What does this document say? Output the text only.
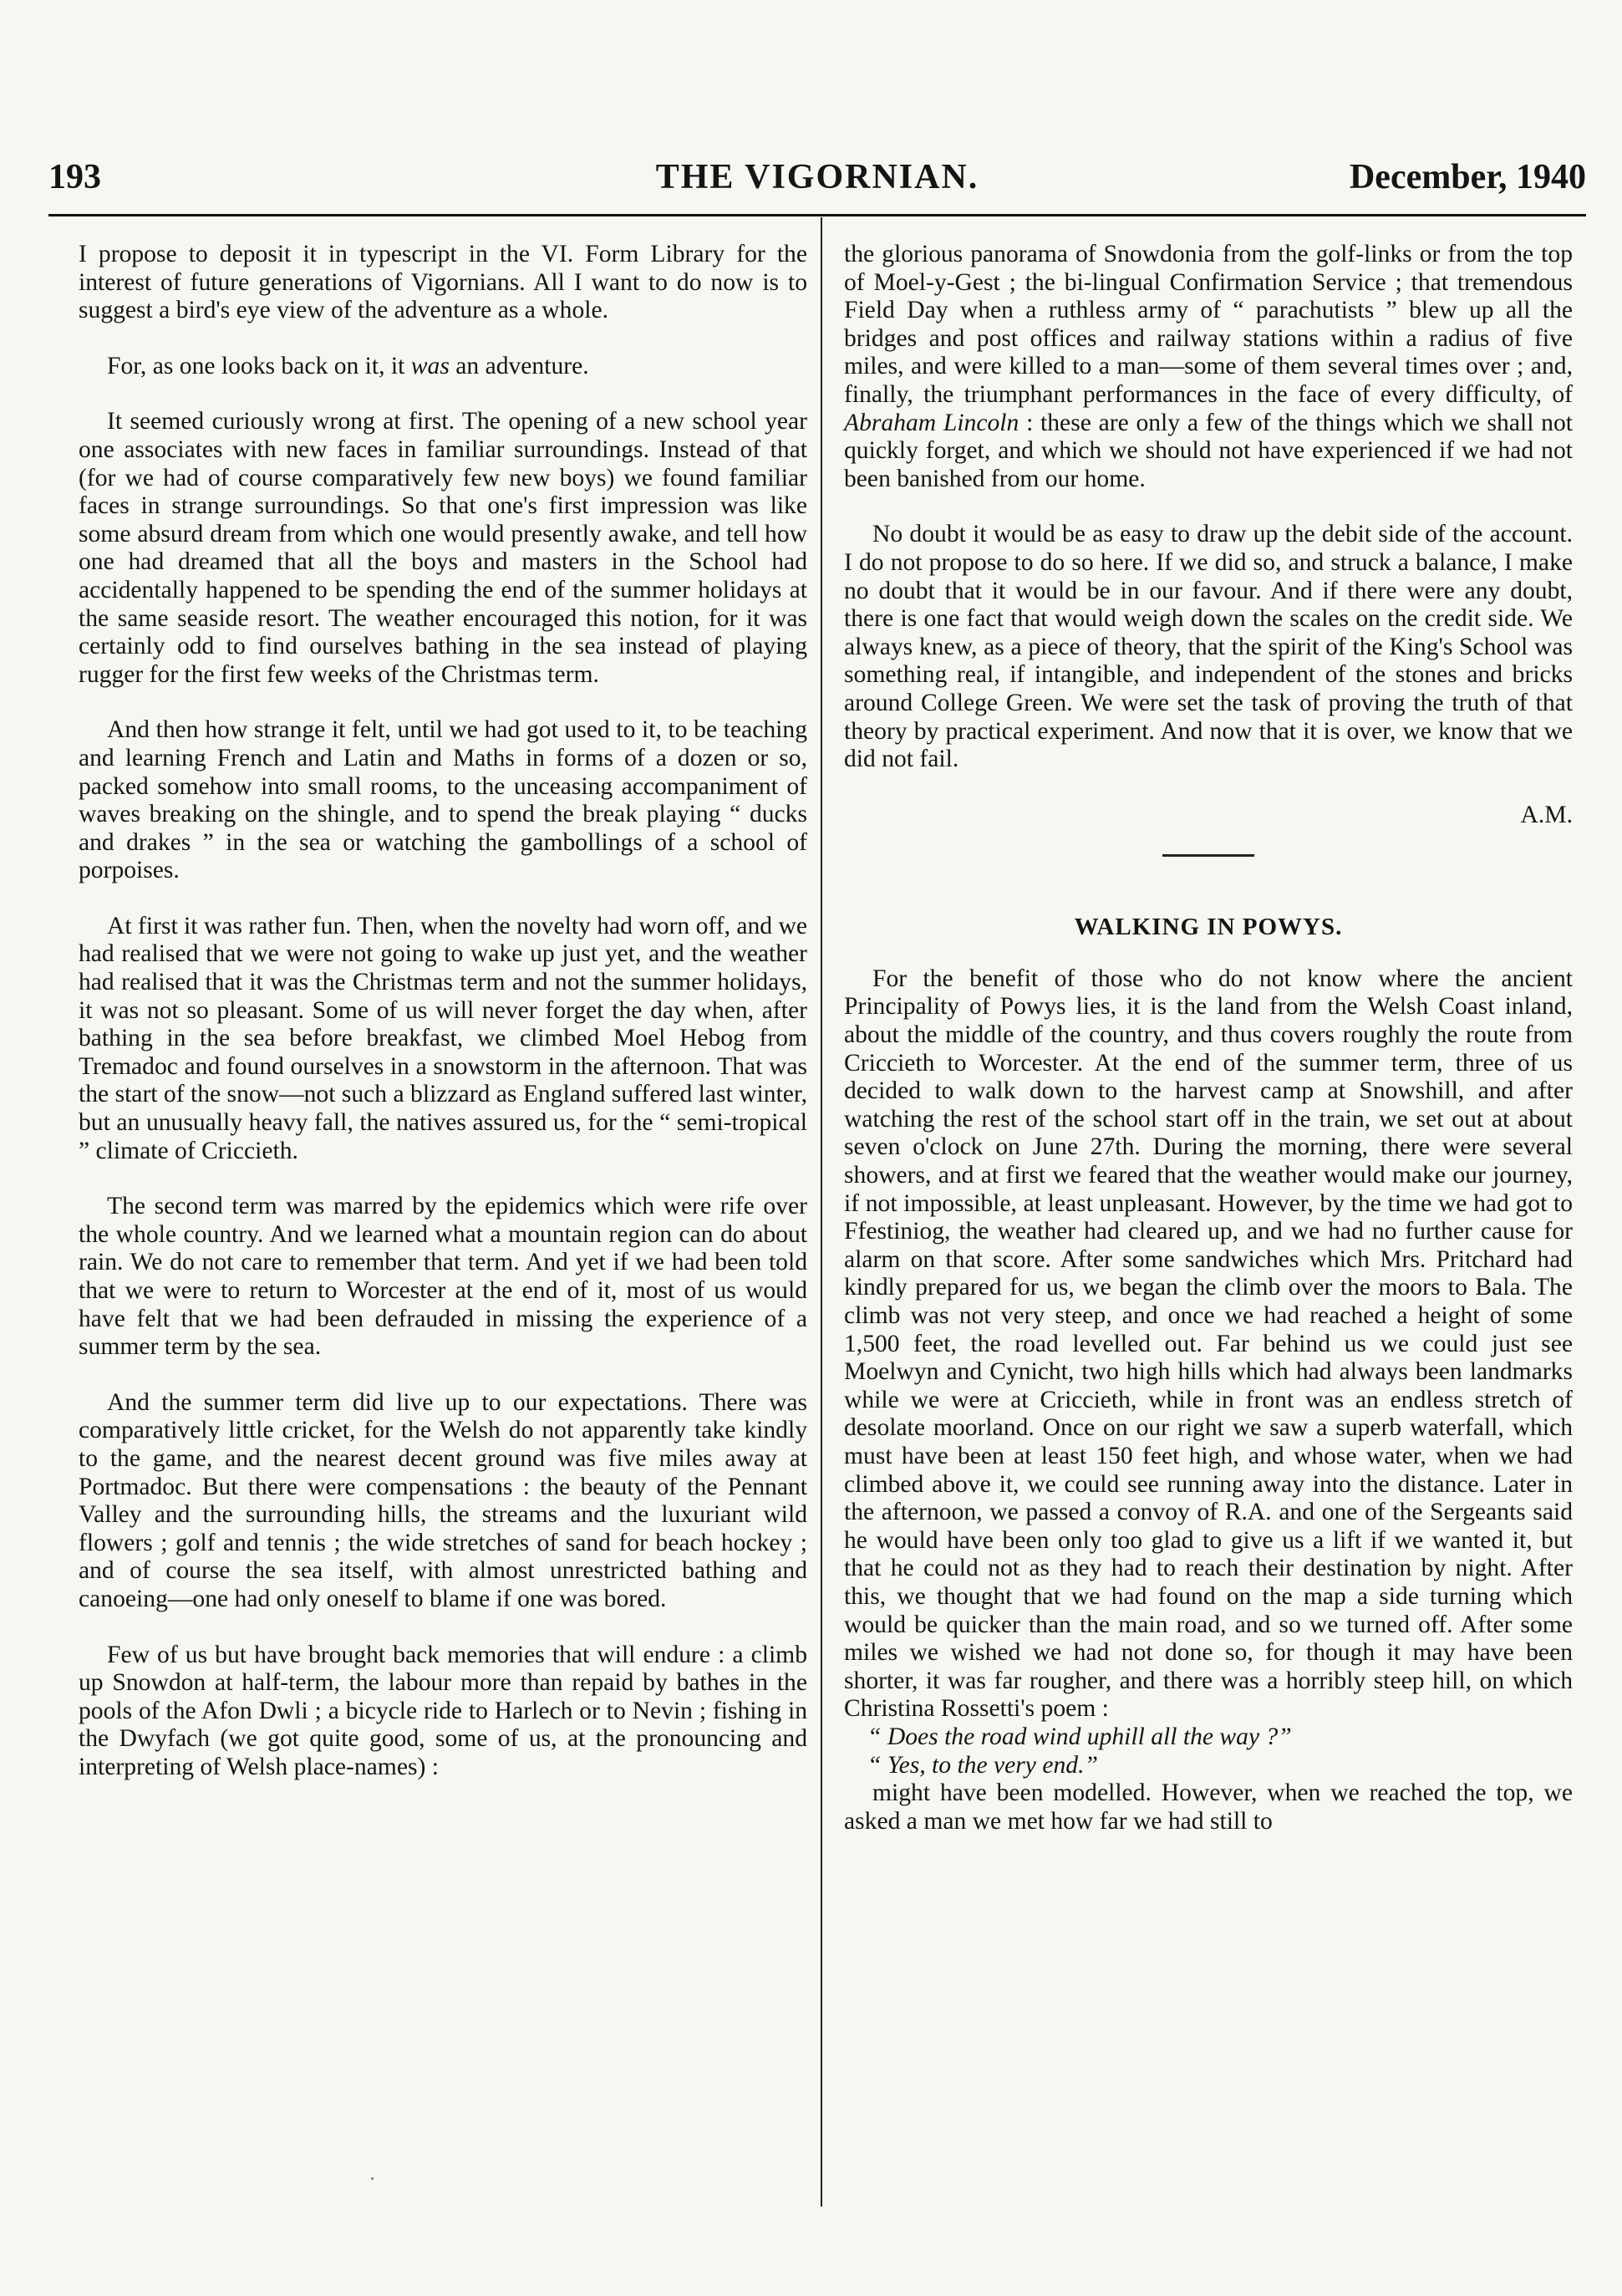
193	THE VIGORNIAN.	December, 1940

I propose to deposit it in typescript in the VI. Form Library for the interest of future generations of Vigornians. All I want to do now is to suggest a bird's eye view of the adventure as a whole.

For, as one looks back on it, it was an adventure.

It seemed curiously wrong at first. The opening of a new school year one associates with new faces in familiar surroundings. Instead of that (for we had of course comparatively few new boys) we found familiar faces in strange surroundings. So that one's first impression was like some absurd dream from which one would presently awake, and tell how one had dreamed that all the boys and masters in the School had accidentally happened to be spending the end of the summer holidays at the same seaside resort. The weather encouraged this notion, for it was certainly odd to find ourselves bathing in the sea instead of playing rugger for the first few weeks of the Christmas term.

And then how strange it felt, until we had got used to it, to be teaching and learning French and Latin and Maths in forms of a dozen or so, packed somehow into small rooms, to the unceasing accompaniment of waves breaking on the shingle, and to spend the break playing “ ducks and drakes ” in the sea or watching the gambollings of a school of porpoises.

At first it was rather fun. Then, when the novelty had worn off, and we had realised that we were not going to wake up just yet, and the weather had realised that it was the Christmas term and not the summer holidays, it was not so pleasant. Some of us will never forget the day when, after bathing in the sea before breakfast, we climbed Moel Hebog from Tremadoc and found ourselves in a snowstorm in the afternoon. That was the start of the snow—not such a blizzard as England suffered last winter, but an unusually heavy fall, the natives assured us, for the “ semi-tropical ” climate of Criccieth.

The second term was marred by the epidemics which were rife over the whole country. And we learned what a mountain region can do about rain. We do not care to remember that term. And yet if we had been told that we were to return to Worcester at the end of it, most of us would have felt that we had been defrauded in missing the experience of a summer term by the sea.

And the summer term did live up to our expectations. There was comparatively little cricket, for the Welsh do not apparently take kindly to the game, and the nearest decent ground was five miles away at Portmadoc. But there were compensations : the beauty of the Pennant Valley and the surrounding hills, the streams and the luxuriant wild flowers ; golf and tennis ; the wide stretches of sand for beach hockey ; and of course the sea itself, with almost unrestricted bathing and canoeing—one had only oneself to blame if one was bored.

Few of us but have brought back memories that will endure : a climb up Snowdon at half-term, the labour more than repaid by bathes in the pools of the Afon Dwli ; a bicycle ride to Harlech or to Nevin ; fishing in the Dwyfach (we got quite good, some of us, at the pronouncing and interpreting of Welsh place-names) :

the glorious panorama of Snowdonia from the golf-links or from the top of Moel-y-Gest ; the bi-lingual Confirmation Service ; that tremendous Field Day when a ruthless army of “ parachutists ” blew up all the bridges and post offices and railway stations within a radius of five miles, and were killed to a man—some of them several times over ; and, finally, the triumphant performances in the face of every difficulty, of Abraham Lincoln : these are only a few of the things which we shall not quickly forget, and which we should not have experienced if we had not been banished from our home.

No doubt it would be as easy to draw up the debit side of the account. I do not propose to do so here. If we did so, and struck a balance, I make no doubt that it would be in our favour. And if there were any doubt, there is one fact that would weigh down the scales on the credit side. We always knew, as a piece of theory, that the spirit of the King's School was something real, if intangible, and independent of the stones and bricks around College Green. We were set the task of proving the truth of that theory by practical experiment. And now that it is over, we know that we did not fail.

A.M.
WALKING IN POWYS.

For the benefit of those who do not know where the ancient Principality of Powys lies, it is the land from the Welsh Coast inland, about the middle of the country, and thus covers roughly the route from Criccieth to Worcester. At the end of the summer term, three of us decided to walk down to the harvest camp at Snowshill, and after watching the rest of the school start off in the train, we set out at about seven o'clock on June 27th. During the morning, there were several showers, and at first we feared that the weather would make our journey, if not impossible, at least unpleasant. However, by the time we had got to Ffestiniog, the weather had cleared up, and we had no further cause for alarm on that score. After some sandwiches which Mrs. Pritchard had kindly prepared for us, we began the climb over the moors to Bala. The climb was not very steep, and once we had reached a height of some 1,500 feet, the road levelled out. Far behind us we could just see Moelwyn and Cynicht, two high hills which had always been landmarks while we were at Criccieth, while in front was an endless stretch of desolate moorland. Once on our right we saw a superb waterfall, which must have been at least 150 feet high, and whose water, when we had climbed above it, we could see running away into the distance. Later in the afternoon, we passed a convoy of R.A. and one of the Sergeants said he would have been only too glad to give us a lift if we wanted it, but that he could not as they had to reach their destination by night. After this, we thought that we had found on the map a side turning which would be quicker than the main road, and so we turned off. After some miles we wished we had not done so, for though it may have been shorter, it was far rougher, and there was a horribly steep hill, on which Christina Rossetti's poem :

“ Does the road wind uphill all the way ?”
“ Yes, to the very end.”

might have been modelled. However, when we reached the top, we asked a man we met how far we had still to
